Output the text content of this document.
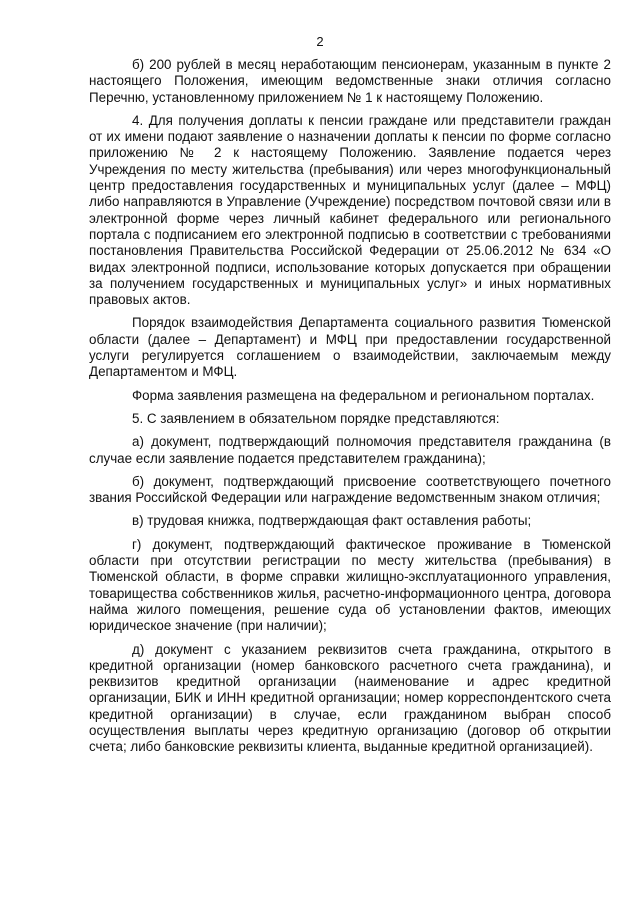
2

б) 200 рублей в месяц неработающим пенсионерам, указанным в пункте 2 настоящего Положения, имеющим ведомственные знаки отличия согласно Перечню, установленному приложением № 1 к настоящему Положению.

4. Для получения доплаты к пенсии граждане или представители граждан от их имени подают заявление о назначении доплаты к пенсии по форме согласно приложению № 2 к настоящему Положению. Заявление подается через Учреждения по месту жительства (пребывания) или через многофункциональный центр предоставления государственных и муниципальных услуг (далее – МФЦ) либо направляются в Управление (Учреждение) посредством почтовой связи или в электронной форме через личный кабинет федерального или регионального портала с подписанием его электронной подписью в соответствии с требованиями постановления Правительства Российской Федерации от 25.06.2012 № 634 «О видах электронной подписи, использование которых допускается при обращении за получением государственных и муниципальных услуг» и иных нормативных правовых актов.

Порядок взаимодействия Департамента социального развития Тюменской области (далее – Департамент) и МФЦ при предоставлении государственной услуги регулируется соглашением о взаимодействии, заключаемым между Департаментом и МФЦ.

Форма заявления размещена на федеральном и региональном порталах.

5. С заявлением в обязательном порядке представляются:

а) документ, подтверждающий полномочия представителя гражданина (в случае если заявление подается представителем гражданина);

б) документ, подтверждающий присвоение соответствующего почетного звания Российской Федерации или награждение ведомственным знаком отличия;

в) трудовая книжка, подтверждающая факт оставления работы;

г) документ, подтверждающий фактическое проживание в Тюменской области при отсутствии регистрации по месту жительства (пребывания) в Тюменской области, в форме справки жилищно-эксплуатационного управления, товарищества собственников жилья, расчетно-информационного центра, договора найма жилого помещения, решение суда об установлении фактов, имеющих юридическое значение (при наличии);

д) документ с указанием реквизитов счета гражданина, открытого в кредитной организации (номер банковского расчетного счета гражданина), и реквизитов кредитной организации (наименование и адрес кредитной организации, БИК и ИНН кредитной организации; номер корреспондентского счета кредитной организации) в случае, если гражданином выбран способ осуществления выплаты через кредитную организацию (договор об открытии счета; либо банковские реквизиты клиента, выданные кредитной организацией).
